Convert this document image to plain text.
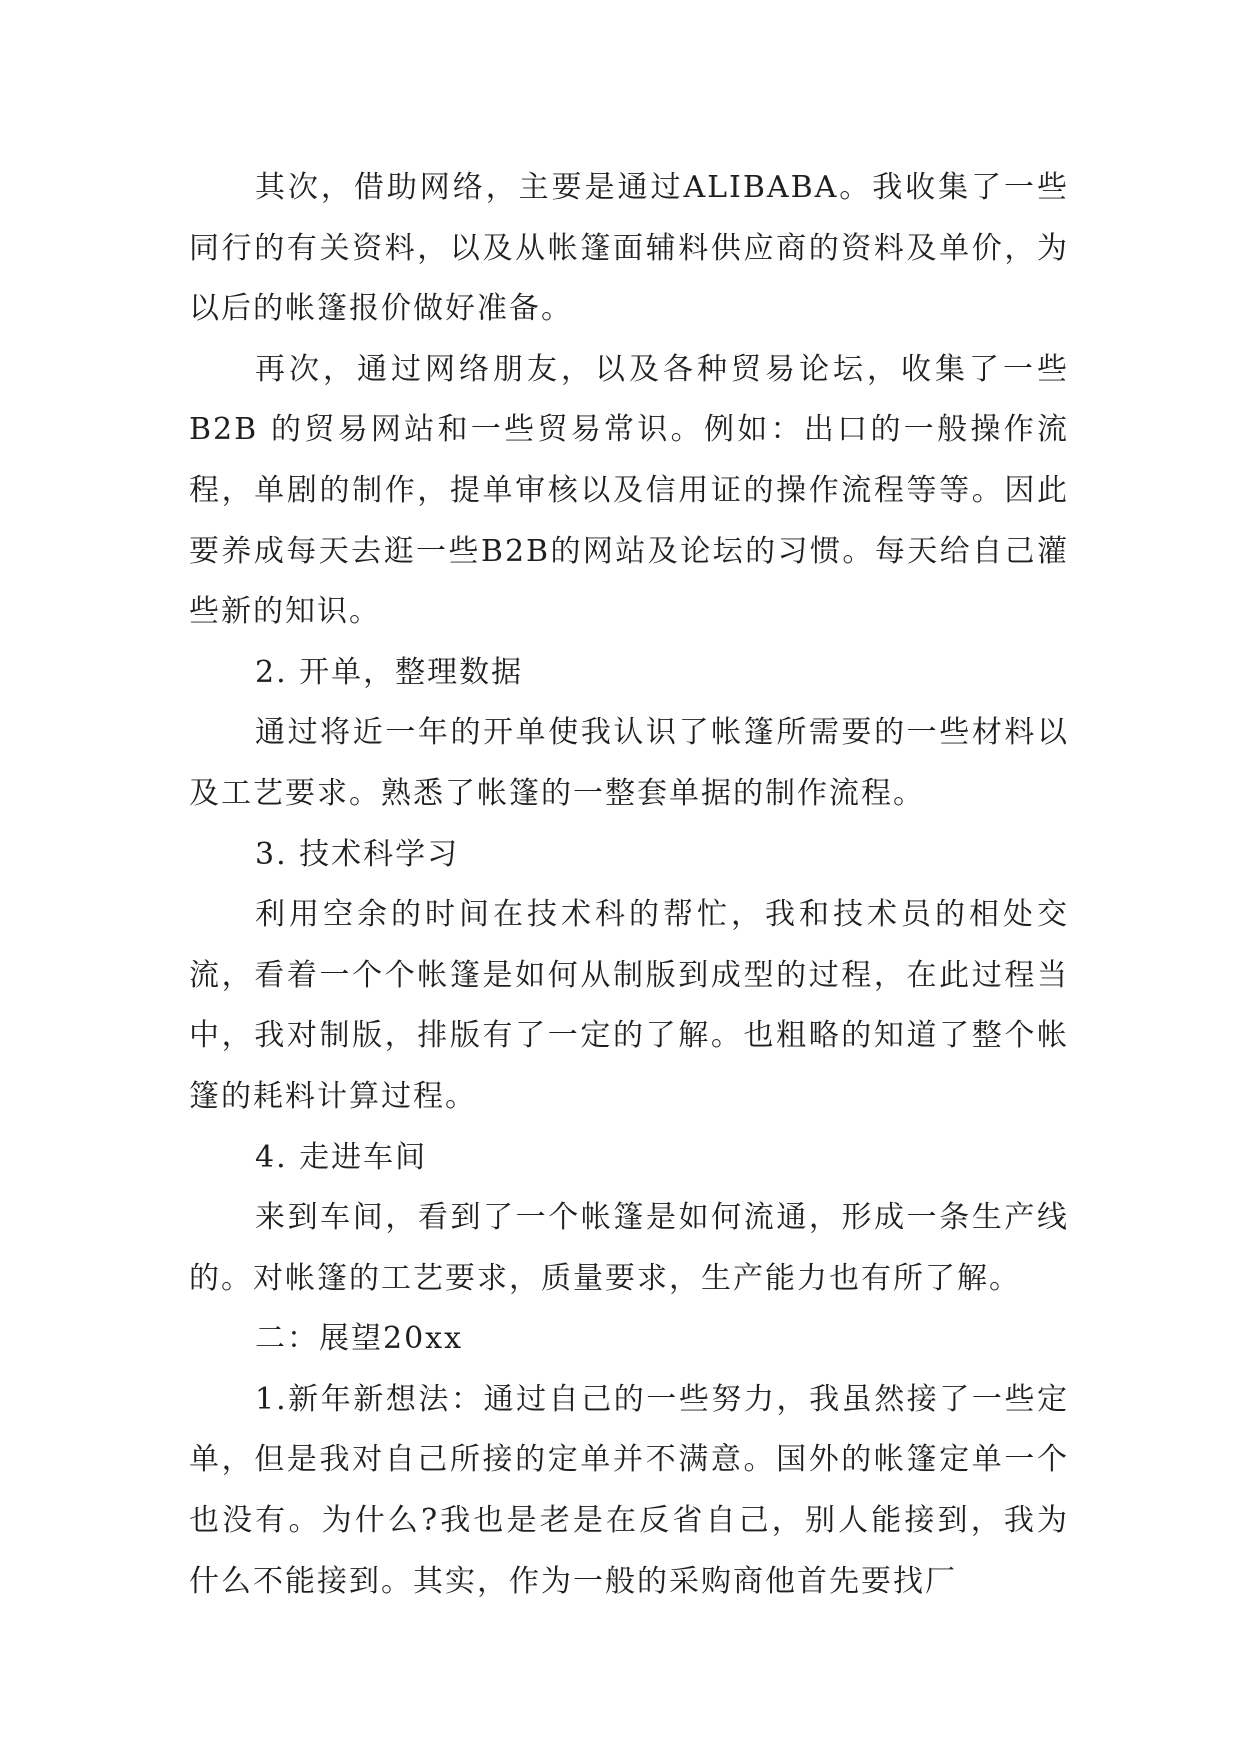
其次，借助网络，主要是通过ALIBABA。我收集了一些同行的有关资料，以及从帐篷面辅料供应商的资料及单价，为以后的帐篷报价做好准备。

再次，通过网络朋友，以及各种贸易论坛，收集了一些B2B 的贸易网站和一些贸易常识。例如：出口的一般操作流程，单剧的制作，提单审核以及信用证的操作流程等等。因此要养成每天去逛一些B2B的网站及论坛的习惯。每天给自己灌些新的知识。

2. 开单，整理数据

通过将近一年的开单使我认识了帐篷所需要的一些材料以及工艺要求。熟悉了帐篷的一整套单据的制作流程。

3. 技术科学习

利用空余的时间在技术科的帮忙，我和技术员的相处交流，看着一个个帐篷是如何从制版到成型的过程，在此过程当中，我对制版，排版有了一定的了解。也粗略的知道了整个帐篷的耗料计算过程。

4. 走进车间

来到车间，看到了一个帐篷是如何流通，形成一条生产线的。对帐篷的工艺要求，质量要求，生产能力也有所了解。

二：展望20xx

1.新年新想法：通过自己的一些努力，我虽然接了一些定单，但是我对自己所接的定单并不满意。国外的帐篷定单一个也没有。为什么?我也是老是在反省自己，别人能接到，我为什么不能接到。其实，作为一般的采购商他首先要找厂
